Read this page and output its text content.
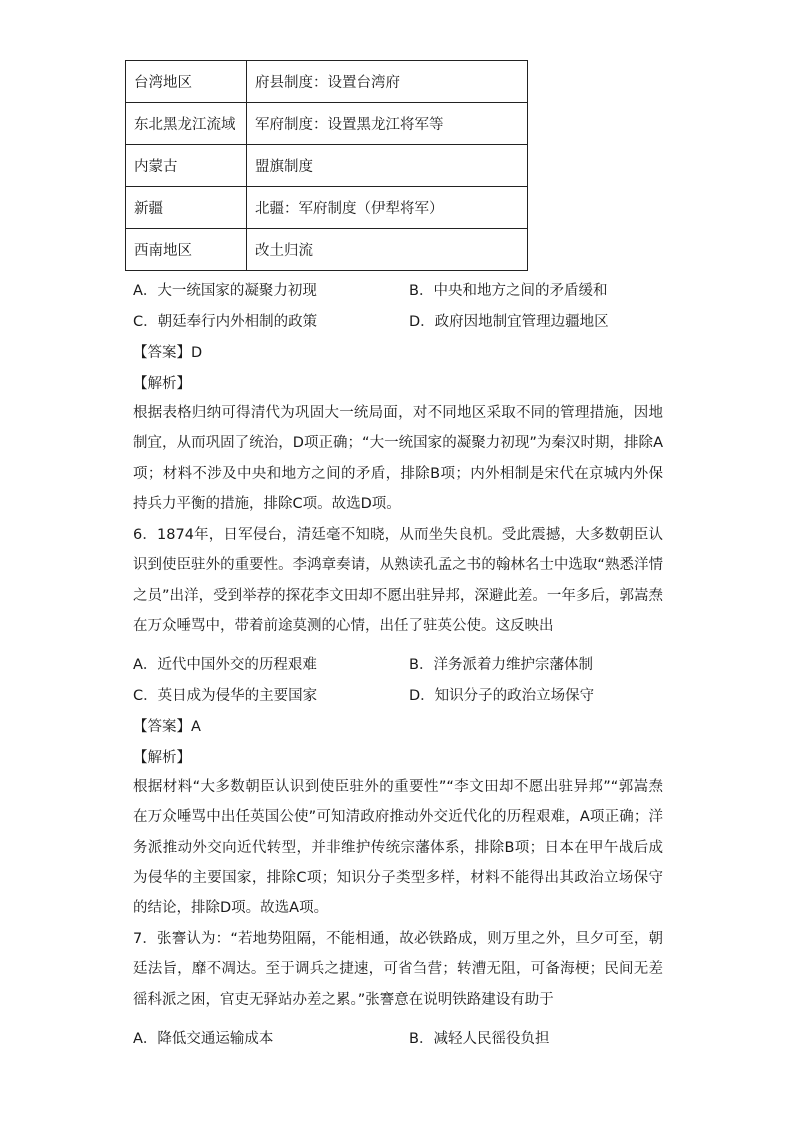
台湾地区	府县制度：设置台湾府
东北黑龙江流域	军府制度：设置黑龙江将军等
内蒙古	盟旗制度
新疆	北疆：军府制度（伊犁将军）
西南地区	改土归流
A．大一统国家的凝聚力初现	B．中央和地方之间的矛盾缓和
C．朝廷奉行内外相制的政策	D．政府因地制宜管理边疆地区
【答案】D
【解析】
根据表格归纳可得清代为巩固大一统局面，对不同地区采取不同的管理措施，因地制宜，从而巩固了统治，D项正确；“大一统国家的凝聚力初现”为秦汉时期，排除A项；材料不涉及中央和地方之间的矛盾，排除B项；内外相制是宋代在京城内外保持兵力平衡的措施，排除C项。故选D项。
6．1874年，日军侵台，清廷毫不知晓，从而坐失良机。受此震撼，大多数朝臣认识到使臣驻外的重要性。李鸿章奏请，从熟读孔孟之书的翰林名士中选取“熟悉洋情之员”出洋，受到举荐的探花李文田却不愿出驻异邦，深避此差。一年多后，郭嵩焘在万众唾骂中，带着前途莫测的心情，出任了驻英公使。这反映出
A．近代中国外交的历程艰难	B．洋务派着力维护宗藩体制
C．英日成为侵华的主要国家	D．知识分子的政治立场保守
【答案】A
【解析】
根据材料“大多数朝臣认识到使臣驻外的重要性”“李文田却不愿出驻异邦”“郭嵩焘在万众唾骂中出任英国公使”可知清政府推动外交近代化的历程艰难，A项正确；洋务派推动外交向近代转型，并非维护传统宗藩体系，排除B项；日本在甲午战后成为侵华的主要国家，排除C项；知识分子类型多样，材料不能得出其政治立场保守的结论，排除D项。故选A项。
7．张謇认为：“若地势阻隔，不能相通，故必铁路成，则万里之外，旦夕可至，朝廷法旨，靡不凋达。至于调兵之捷速，可省刍营；转漕无阻，可备海梗；民间无差徭科派之困，官吏无驿站办差之累。”张謇意在说明铁路建设有助于
A．降低交通运输成本	B．减轻人民徭役负担
